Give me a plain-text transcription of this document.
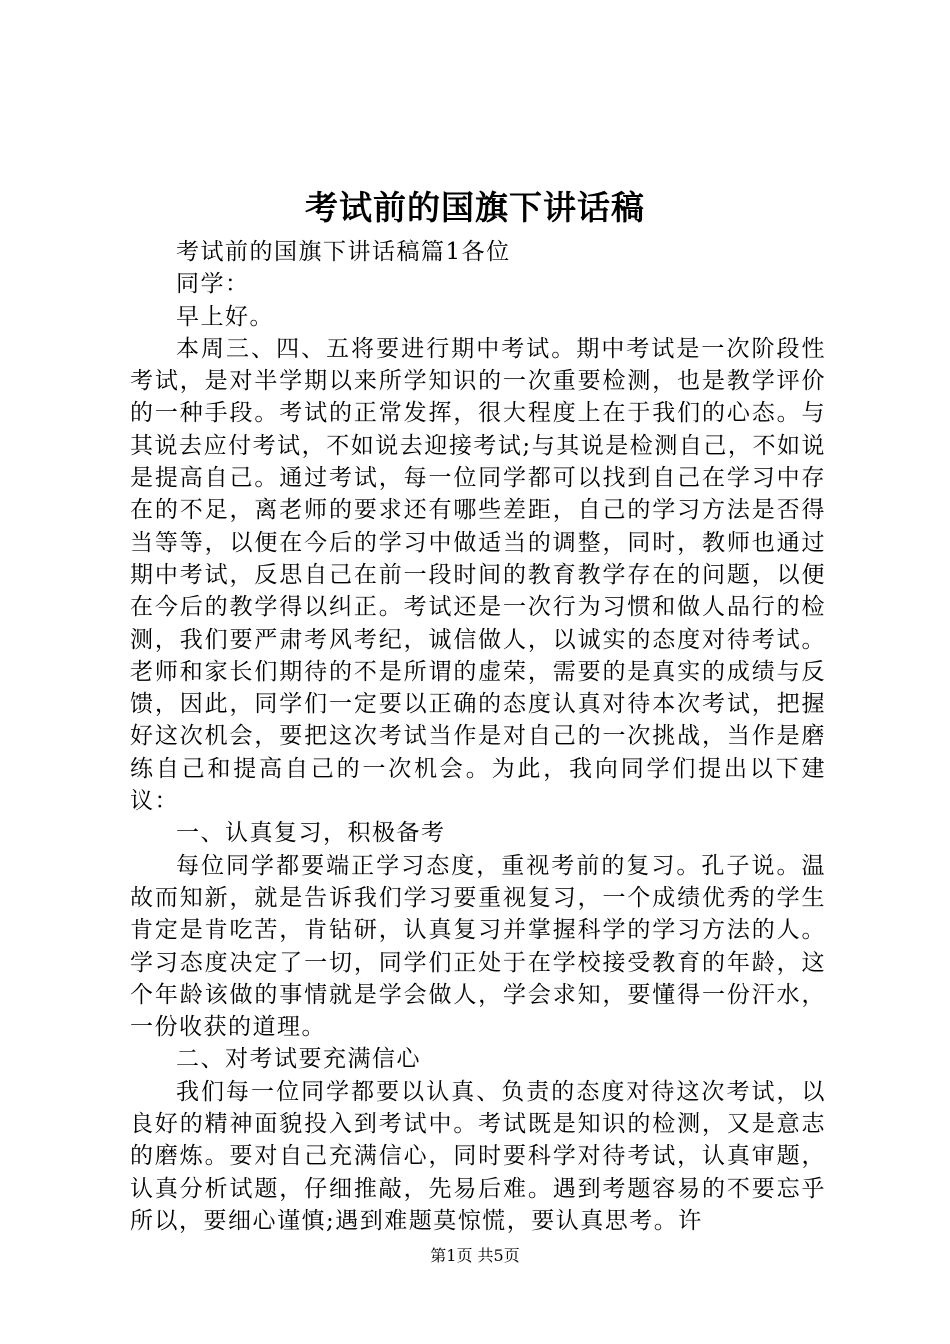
考试前的国旗下讲话稿

考试前的国旗下讲话稿篇1各位

同学：

早上好。

本周三、四、五将要进行期中考试。期中考试是一次阶段性考试，是对半学期以来所学知识的一次重要检测，也是教学评价的一种手段。考试的正常发挥，很大程度上在于我们的心态。与其说去应付考试，不如说去迎接考试;与其说是检测自己，不如说是提高自己。通过考试，每一位同学都可以找到自己在学习中存在的不足，离老师的要求还有哪些差距，自己的学习方法是否得当等等，以便在今后的学习中做适当的调整，同时，教师也通过期中考试，反思自己在前一段时间的教育教学存在的问题，以便在今后的教学得以纠正。考试还是一次行为习惯和做人品行的检测，我们要严肃考风考纪，诚信做人，以诚实的态度对待考试。老师和家长们期待的不是所谓的虚荣，需要的是真实的成绩与反馈，因此，同学们一定要以正确的态度认真对待本次考试，把握好这次机会，要把这次考试当作是对自己的一次挑战，当作是磨练自己和提高自己的一次机会。为此，我向同学们提出以下建议：

一、认真复习，积极备考

每位同学都要端正学习态度，重视考前的复习。孔子说。温故而知新，就是告诉我们学习要重视复习，一个成绩优秀的学生肯定是肯吃苦，肯钻研，认真复习并掌握科学的学习方法的人。学习态度决定了一切，同学们正处于在学校接受教育的年龄，这个年龄该做的事情就是学会做人，学会求知，要懂得一份汗水，一份收获的道理。

二、对考试要充满信心

我们每一位同学都要以认真、负责的态度对待这次考试，以良好的精神面貌投入到考试中。考试既是知识的检测，又是意志的磨炼。要对自己充满信心，同时要科学对待考试，认真审题，认真分析试题，仔细推敲，先易后难。遇到考题容易的不要忘乎所以，要细心谨慎;遇到难题莫惊慌，要认真思考。许

第1页 共5页
